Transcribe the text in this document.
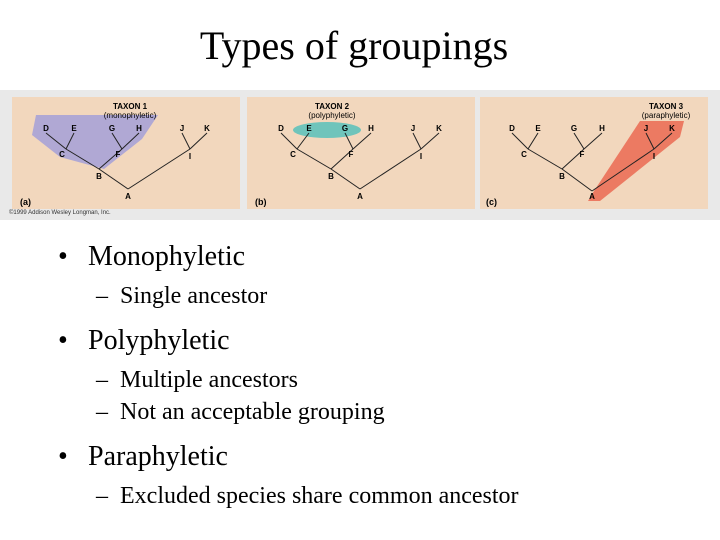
Types of groupings
TAXON 1
(monophyletic)
D	E	G	H	J K
C	F	I
B
A
(a)
TAXON 2
(polyphyletic)
D	E	G H	J	K
C	F	I
B
A
(b)
TAXON 3
(paraphyletic)
D	E	G	H	J	K
C	F	I
B
A
(c)
©1999 Addison Wesley Longman, Inc.
• Monophyletic
– Single ancestor
• Polyphyletic
– Multiple ancestors
– Not an acceptable grouping
• Paraphyletic
– Excluded species share common ancestor
